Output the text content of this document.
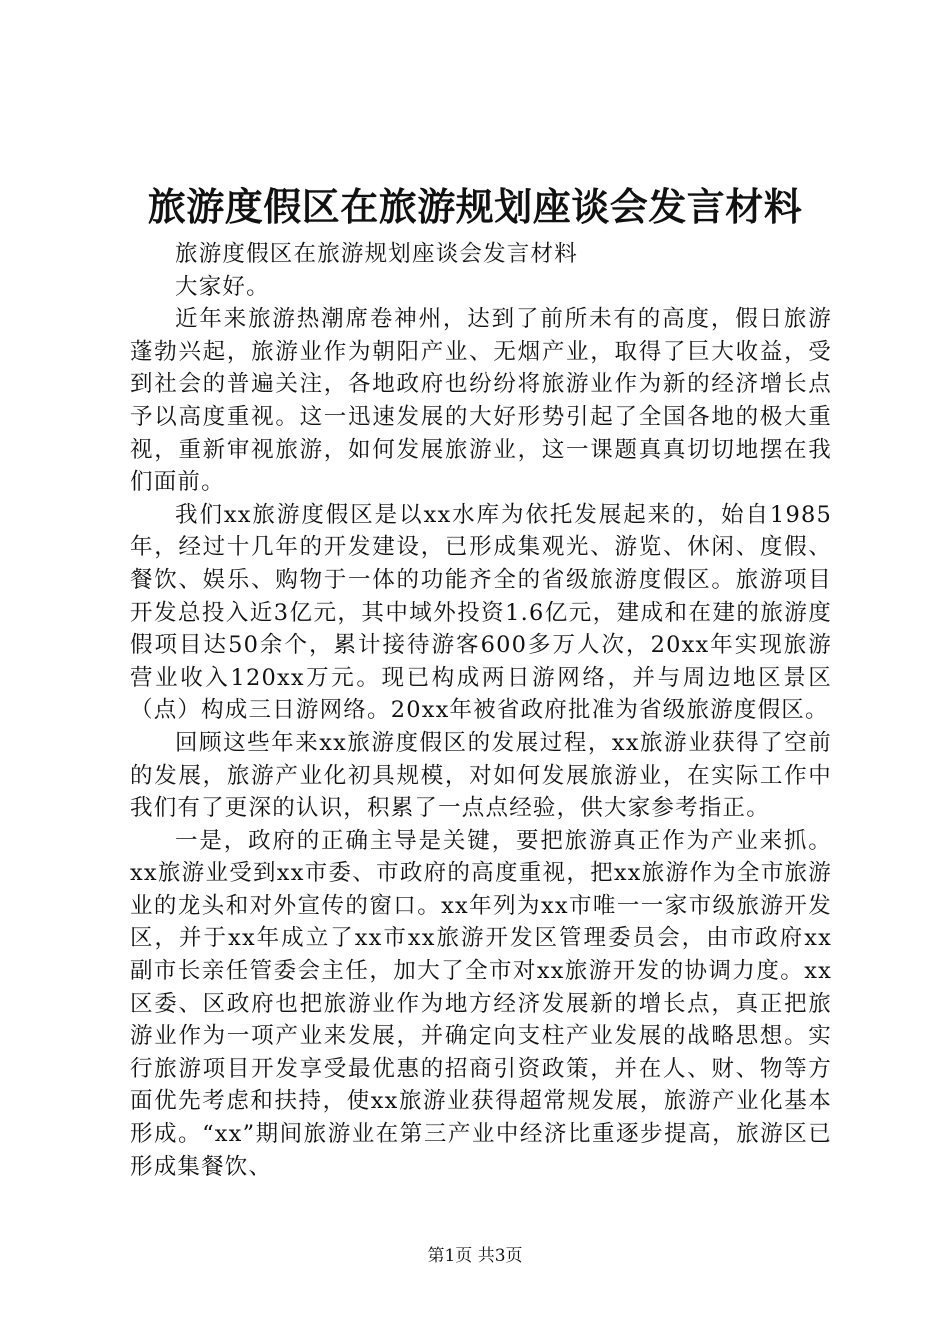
旅游度假区在旅游规划座谈会发言材料

旅游度假区在旅游规划座谈会发言材料

大家好。

近年来旅游热潮席卷神州，达到了前所未有的高度，假日旅游蓬勃兴起，旅游业作为朝阳产业、无烟产业，取得了巨大收益，受到社会的普遍关注，各地政府也纷纷将旅游业作为新的经济增长点予以高度重视。这一迅速发展的大好形势引起了全国各地的极大重视，重新审视旅游，如何发展旅游业，这一课题真真切切地摆在我们面前。

我们xx旅游度假区是以xx水库为依托发展起来的，始自1985年，经过十几年的开发建设，已形成集观光、游览、休闲、度假、餐饮、娱乐、购物于一体的功能齐全的省级旅游度假区。旅游项目开发总投入近3亿元，其中域外投资1.6亿元，建成和在建的旅游度假项目达50余个，累计接待游客600多万人次，20xx年实现旅游营业收入120xx万元。现已构成两日游网络，并与周边地区景区（点）构成三日游网络。20xx年被省政府批准为省级旅游度假区。

回顾这些年来xx旅游度假区的发展过程，xx旅游业获得了空前的发展，旅游产业化初具规模，对如何发展旅游业，在实际工作中我们有了更深的认识，积累了一点点经验，供大家参考指正。

一是，政府的正确主导是关键，要把旅游真正作为产业来抓。xx旅游业受到xx市委、市政府的高度重视，把xx旅游作为全市旅游业的龙头和对外宣传的窗口。xx年列为xx市唯一一家市级旅游开发区，并于xx年成立了xx市xx旅游开发区管理委员会，由市政府xx副市长亲任管委会主任，加大了全市对xx旅游开发的协调力度。xx区委、区政府也把旅游业作为地方经济发展新的增长点，真正把旅游业作为一项产业来发展，并确定向支柱产业发展的战略思想。实行旅游项目开发享受最优惠的招商引资政策，并在人、财、物等方面优先考虑和扶持，使xx旅游业获得超常规发展，旅游产业化基本形成。“xx”期间旅游业在第三产业中经济比重逐步提高，旅游区已形成集餐饮、

第1页 共3页
